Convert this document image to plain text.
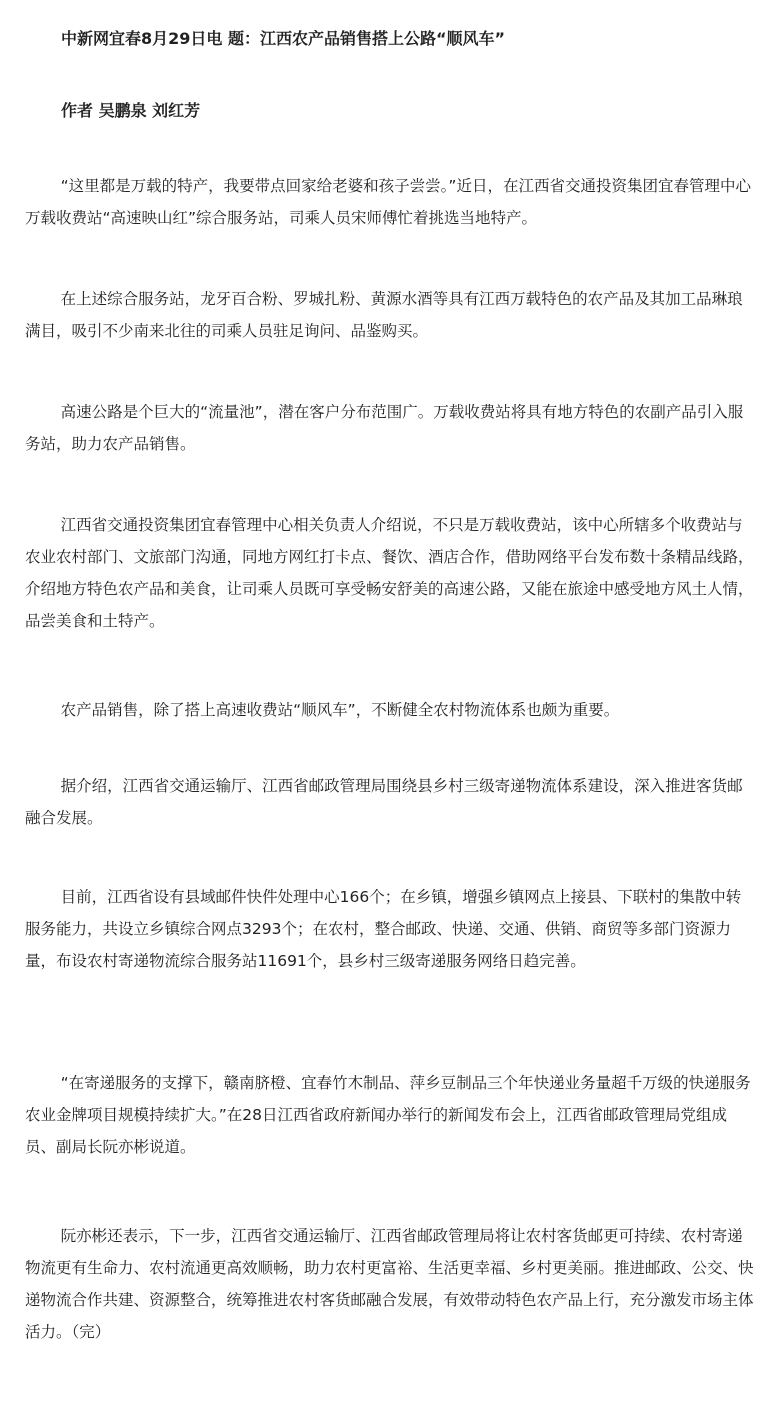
中新网宜春8月29日电 题：江西农产品销售搭上公路“顺风车”
作者 吴鹏泉 刘红芳

“这里都是万载的特产，我要带点回家给老婆和孩子尝尝。”近日，在江西省交通投资集团宜春管理中心万载收费站“高速映山红”综合服务站，司乘人员宋师傅忙着挑选当地特产。

在上述综合服务站，龙牙百合粉、罗城扎粉、黄源水酒等具有江西万载特色的农产品及其加工品琳琅满目，吸引不少南来北往的司乘人员驻足询问、品鉴购买。

高速公路是个巨大的“流量池”，潜在客户分布范围广。万载收费站将具有地方特色的农副产品引入服务站，助力农产品销售。

江西省交通投资集团宜春管理中心相关负责人介绍说，不只是万载收费站，该中心所辖多个收费站与农业农村部门、文旅部门沟通，同地方网红打卡点、餐饮、酒店合作，借助网络平台发布数十条精品线路，介绍地方特色农产品和美食，让司乘人员既可享受畅安舒美的高速公路，又能在旅途中感受地方风土人情，品尝美食和土特产。

农产品销售，除了搭上高速收费站“顺风车”，不断健全农村物流体系也颇为重要。

据介绍，江西省交通运输厅、江西省邮政管理局围绕县乡村三级寄递物流体系建设，深入推进客货邮融合发展。

目前，江西省设有县域邮件快件处理中心166个；在乡镇，增强乡镇网点上接县、下联村的集散中转服务能力，共设立乡镇综合网点3293个；在农村，整合邮政、快递、交通、供销、商贸等多部门资源力量，布设农村寄递物流综合服务站11691个，县乡村三级寄递服务网络日趋完善。

“在寄递服务的支撑下，赣南脐橙、宜春竹木制品、萍乡豆制品三个年快递业务量超千万级的快递服务农业金牌项目规模持续扩大。”在28日江西省政府新闻办举行的新闻发布会上，江西省邮政管理局党组成员、副局长阮亦彬说道。

阮亦彬还表示，下一步，江西省交通运输厅、江西省邮政管理局将让农村客货邮更可持续、农村寄递物流更有生命力、农村流通更高效顺畅，助力农村更富裕、生活更幸福、乡村更美丽。推进邮政、公交、快递物流合作共建、资源整合，统筹推进农村客货邮融合发展，有效带动特色农产品上行，充分激发市场主体活力。（完）
